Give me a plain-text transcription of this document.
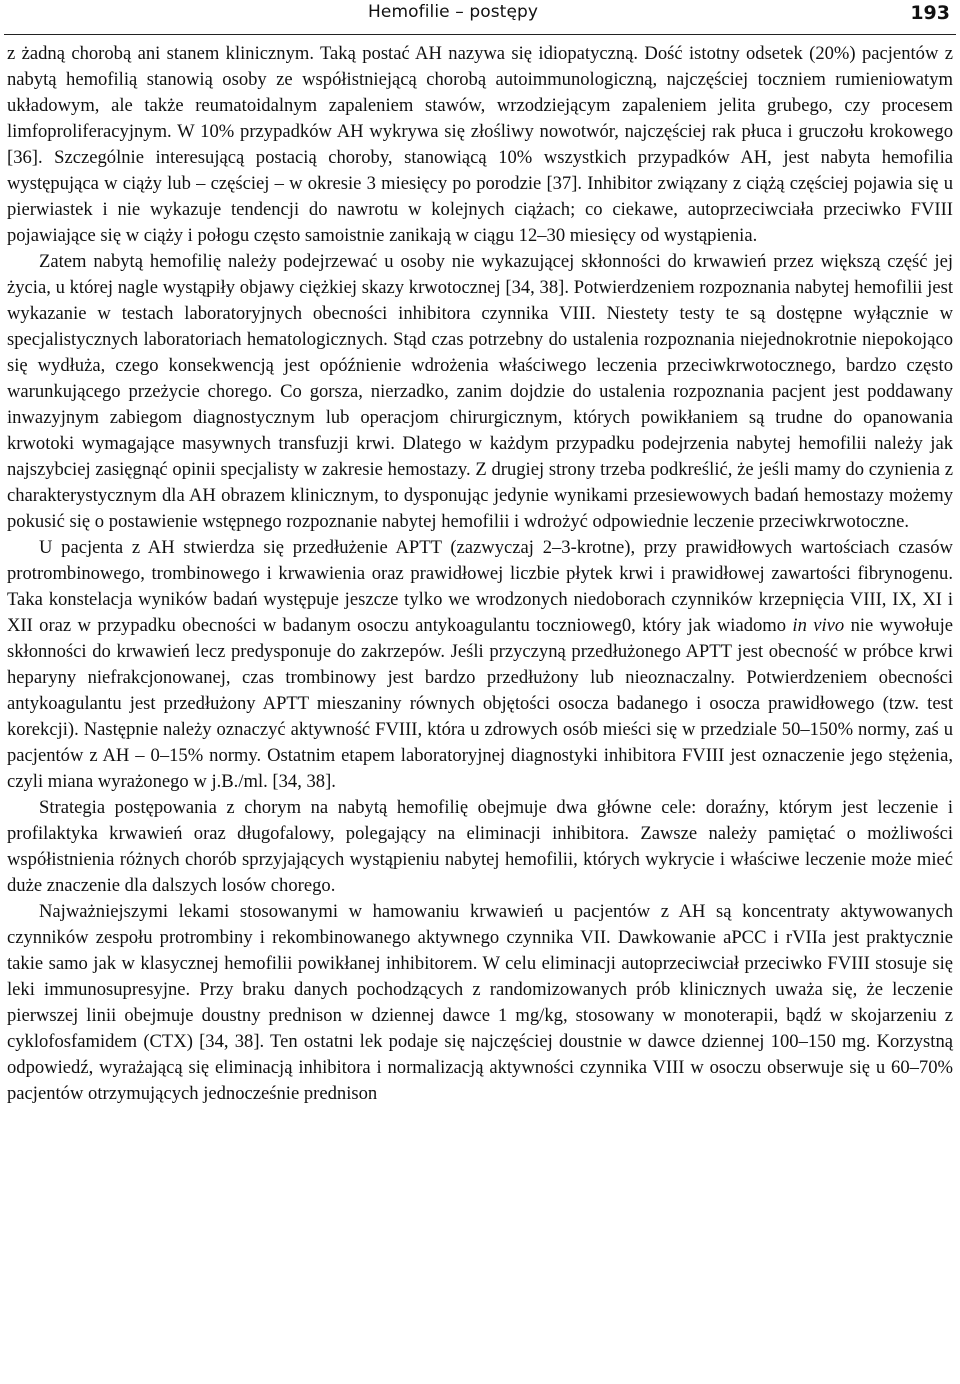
Hemofilie – postępy	193

z żadną chorobą ani stanem klinicznym. Taką postać AH nazywa się idiopatyczną. Dość istotny odsetek (20%) pacjentów z nabytą hemofilią stanowią osoby ze współistniejącą chorobą autoimmunologiczną, najczęściej toczniem rumieniowatym układowym, ale także reumatoidalnym zapaleniem stawów, wrzodziejącym zapaleniem jelita grubego, czy procesem limfoproliferacyjnym. W 10% przypadków AH wykrywa się złośliwy nowotwór, najczęściej rak płuca i gruczołu krokowego [36]. Szczególnie interesującą postacią choroby, stanowiącą 10% wszystkich przypadków AH, jest nabyta hemofilia występująca w ciąży lub – częściej – w okresie 3 miesięcy po porodzie [37]. Inhibitor związany z ciążą częściej pojawia się u pierwiastek i nie wykazuje tendencji do nawrotu w kolejnych ciążach; co ciekawe, autoprzeciwciała przeciwko FVIII pojawiające się w ciąży i połogu często samoistnie zanikają w ciągu 12–30 miesięcy od wystąpienia.

Zatem nabytą hemofilię należy podejrzewać u osoby nie wykazującej skłonności do krwawień przez większą część jej życia, u której nagle wystąpiły objawy ciężkiej skazy krwotocznej [34, 38]. Potwierdzeniem rozpoznania nabytej hemofilii jest wykazanie w testach laboratoryjnych obecności inhibitora czynnika VIII. Niestety testy te są dostępne wyłącznie w specjalistycznych laboratoriach hematologicznych. Stąd czas potrzebny do ustalenia rozpoznania niejednokrotnie niepokojąco się wydłuża, czego konsekwencją jest opóźnienie wdrożenia właściwego leczenia przeciwkrwotocznego, bardzo często warunkującego przeżycie chorego. Co gorsza, nierzadko, zanim dojdzie do ustalenia rozpoznania pacjent jest poddawany inwazyjnym zabiegom diagnostycznym lub operacjom chirurgicznym, których powikłaniem są trudne do opanowania krwotoki wymagające masywnych transfuzji krwi. Dlatego w każdym przypadku podejrzenia nabytej hemofilii należy jak najszybciej zasięgnąć opinii specjalisty w zakresie hemostazy. Z drugiej strony trzeba podkreślić, że jeśli mamy do czynienia z charakterystycznym dla AH obrazem klinicznym, to dysponując jedynie wynikami przesiewowych badań hemostazy możemy pokusić się o postawienie wstępnego rozpoznanie nabytej hemofilii i wdrożyć odpowiednie leczenie przeciwkrwotoczne.

U pacjenta z AH stwierdza się przedłużenie APTT (zazwyczaj 2–3-krotne), przy prawidłowych wartościach czasów protrombinowego, trombinowego i krwawienia oraz prawidłowej liczbie płytek krwi i prawidłowej zawartości fibrynogenu. Taka konstelacja wyników badań występuje jeszcze tylko we wrodzonych niedoborach czynników krzepnięcia VIII, IX, XI i XII oraz w przypadku obecności w badanym osoczu antykoagulantu tocznioweg0, który jak wiadomo in vivo nie wywołuje skłonności do krwawień lecz predysponuje do zakrzepów. Jeśli przyczyną przedłużonego APTT jest obecność w próbce krwi heparyny niefrakcjonowanej, czas trombinowy jest bardzo przedłużony lub nieoznaczalny. Potwierdzeniem obecności antykoagulantu jest przedłużony APTT mieszaniny równych objętości osocza badanego i osocza prawidłowego (tzw. test korekcji). Następnie należy oznaczyć aktywność FVIII, która u zdrowych osób mieści się w przedziale 50–150% normy, zaś u pacjentów z AH – 0–15% normy. Ostatnim etapem laboratoryjnej diagnostyki inhibitora FVIII jest oznaczenie jego stężenia, czyli miana wyrażonego w j.B./ml. [34, 38].

Strategia postępowania z chorym na nabytą hemofilię obejmuje dwa główne cele: doraźny, którym jest leczenie i profilaktyka krwawień oraz długofalowy, polegający na eliminacji inhibitora. Zawsze należy pamiętać o możliwości współistnienia różnych chorób sprzyjających wystąpieniu nabytej hemofilii, których wykrycie i właściwe leczenie może mieć duże znaczenie dla dalszych losów chorego.

Najważniejszymi lekami stosowanymi w hamowaniu krwawień u pacjentów z AH są koncentraty aktywowanych czynników zespołu protrombiny i rekombinowanego aktywnego czynnika VII. Dawkowanie aPCC i rVIIa jest praktycznie takie samo jak w klasycznej hemofilii powikłanej inhibitorem. W celu eliminacji autoprzeciwciał przeciwko FVIII stosuje się leki immunosupresyjne. Przy braku danych pochodzących z randomizowanych prób klinicznych uważa się, że leczenie pierwszej linii obejmuje doustny prednison w dziennej dawce 1 mg/kg, stosowany w monoterapii, bądź w skojarzeniu z cyklofosfamidem (CTX) [34, 38]. Ten ostatni lek podaje się najczęściej doustnie w dawce dziennej 100–150 mg. Korzystną odpowiedź, wyrażającą się eliminacją inhibitora i normalizacją aktywności czynnika VIII w osoczu obserwuje się u 60–70% pacjentów otrzymujących jednocześnie prednison
